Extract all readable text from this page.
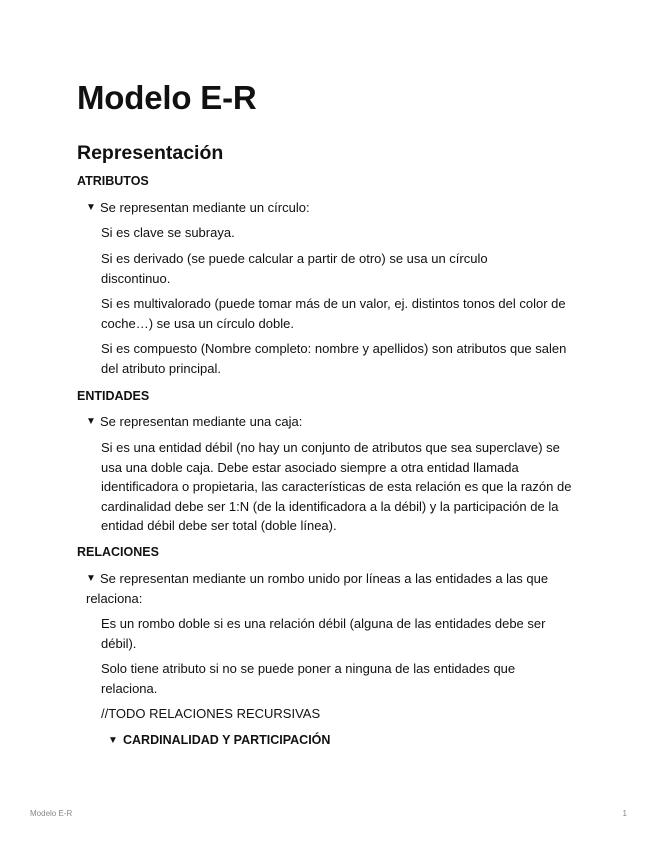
Modelo E-R
Representación

ATRIBUTOS

▼ Se representan mediante un círculo:

Si es clave se subraya.

Si es derivado (se puede calcular a partir de otro) se usa un círculo discontinuo.

Si es multivalorado (puede tomar más de un valor, ej. distintos tonos del color de coche…) se usa un círculo doble.

Si es compuesto (Nombre completo: nombre y apellidos) son atributos que salen del atributo principal.

ENTIDADES

▼ Se representan mediante una caja:

Si es una entidad débil (no hay un conjunto de atributos que sea superclave) se usa una doble caja. Debe estar asociado siempre a otra entidad llamada identificadora o propietaria, las características de esta relación es que la razón de cardinalidad debe ser 1:N (de la identificadora a la débil) y la participación de la entidad débil debe ser total (doble línea).

RELACIONES

▼ Se representan mediante un rombo unido por líneas a las entidades a las que relaciona:

Es un rombo doble si es una relación débil (alguna de las entidades debe ser débil).

Solo tiene atributo si no se puede poner a ninguna de las entidades que relaciona.

//TODO RELACIONES RECURSIVAS

▼ CARDINALIDAD Y PARTICIPACIÓN
Modelo E-R	1
